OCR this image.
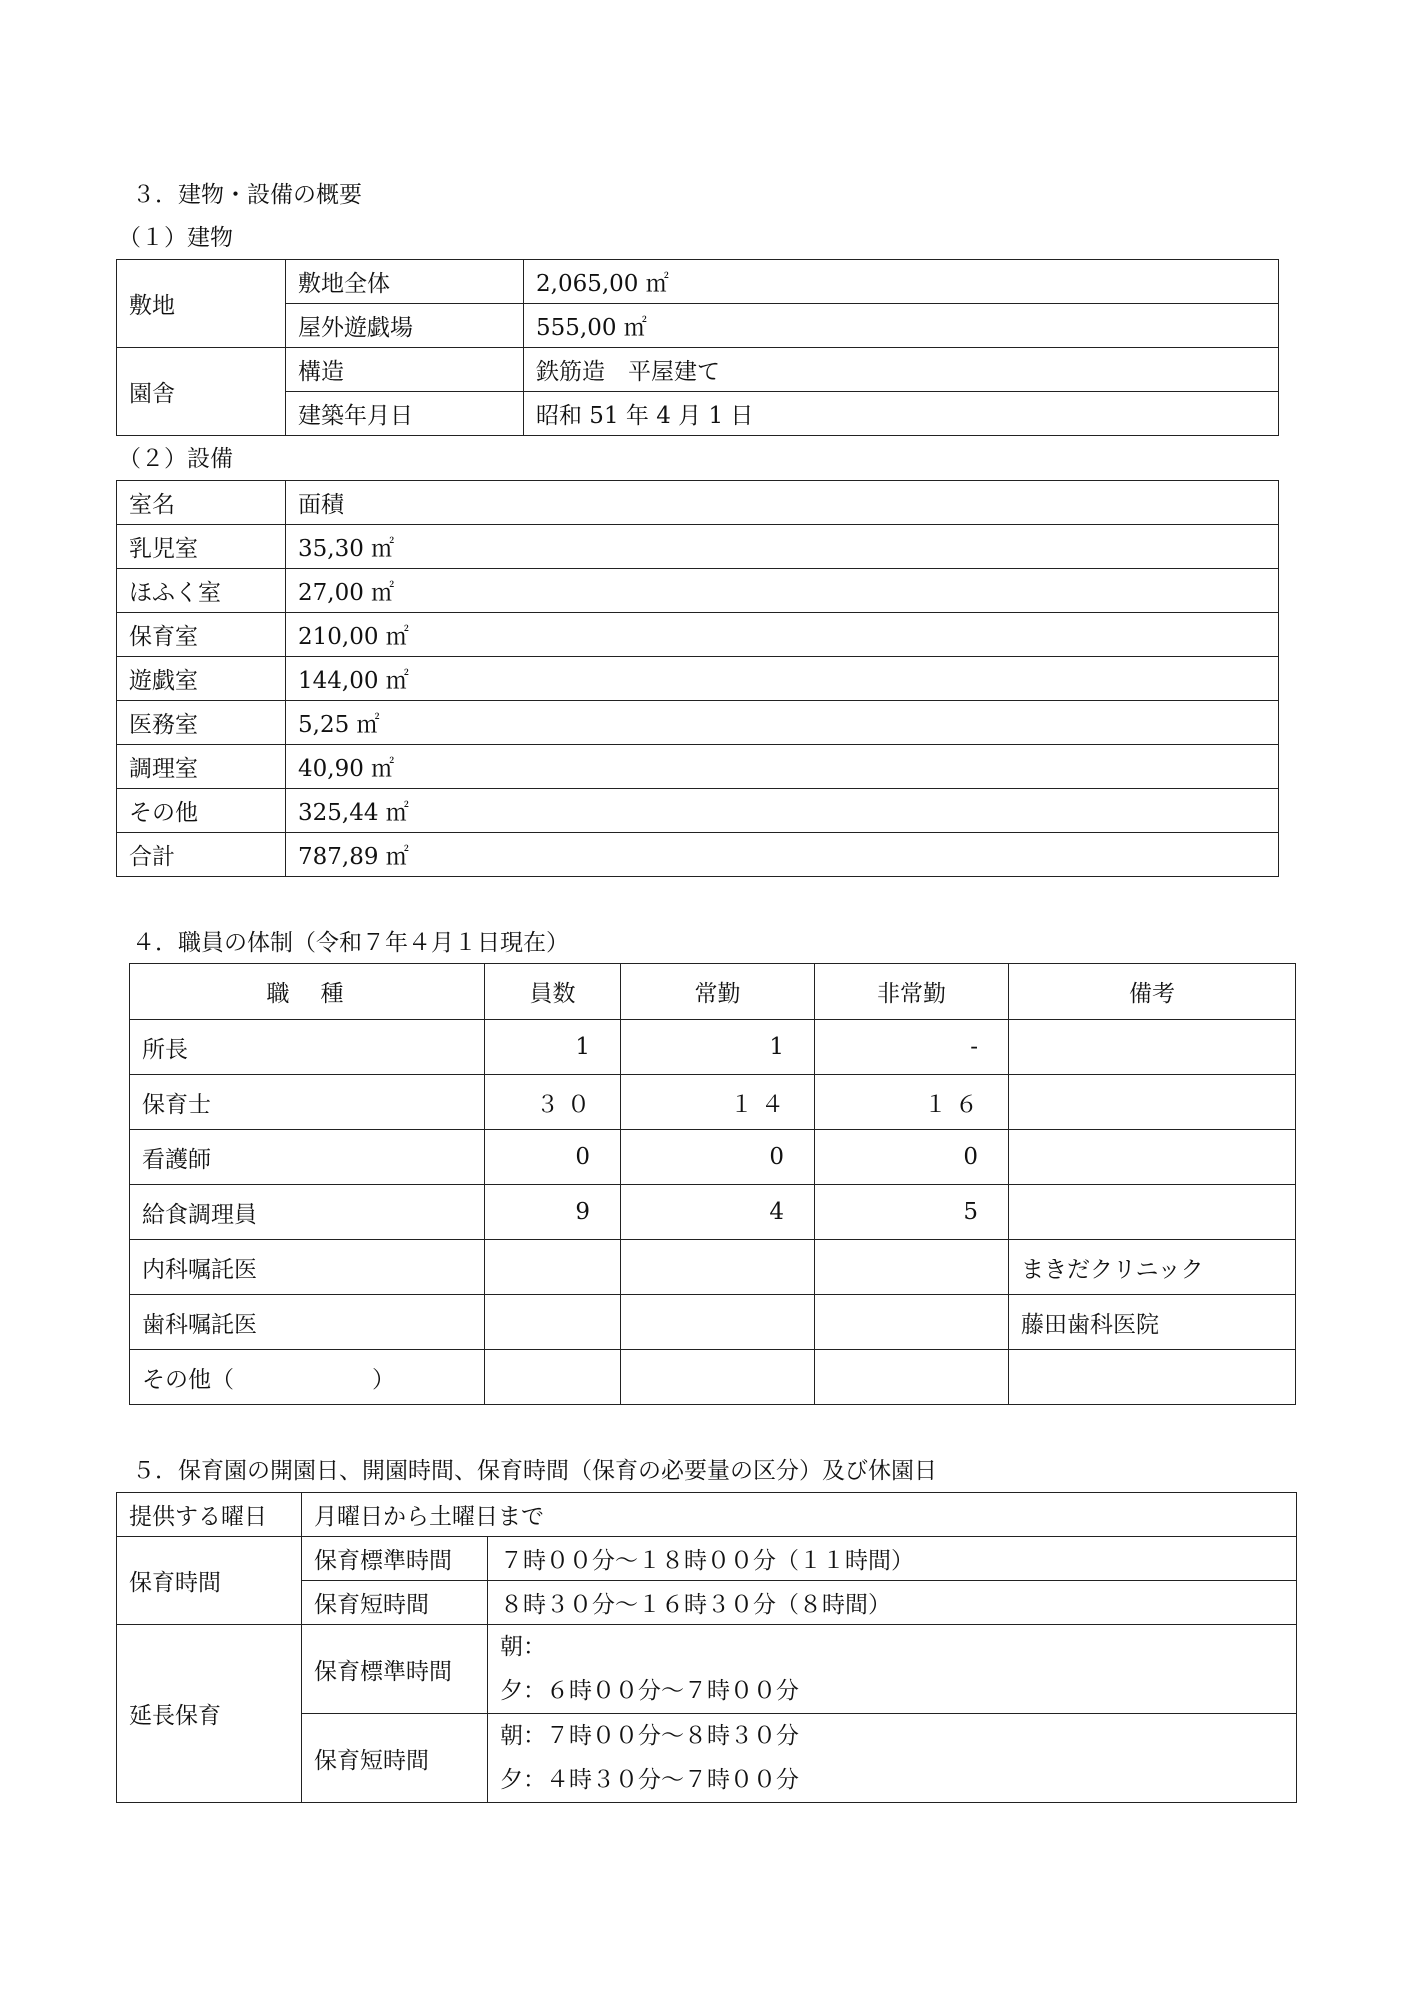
３．建物・設備の概要
（１）建物
敷地	敷地全体	2,065,00 ㎡
	屋外遊戯場	555,00 ㎡
園舎	構造	鉄筋造　平屋建て
	建築年月日	昭和 51 年 4 月 1 日
（２）設備
室名	面積
乳児室	35,30 ㎡
ほふく室	27,00 ㎡
保育室	210,00 ㎡
遊戯室	144,00 ㎡
医務室	5,25 ㎡
調理室	40,90 ㎡
その他	325,44 ㎡
合計	787,89 ㎡
４．職員の体制（令和７年４月１日現在）
職　種	員数	常勤	非常勤	備考
所長	1	1	-	
保育士	３０	１４	１６	
看護師	0	0	0	
給食調理員	9	4	5	
内科嘱託医				まきだクリニック
歯科嘱託医				藤田歯科医院
その他（　　　　　　）				
５．保育園の開園日、開園時間、保育時間（保育の必要量の区分）及び休園日
提供する曜日	月曜日から土曜日まで	
保育時間	保育標準時間	７時００分～１８時００分（１１時間）
	保育短時間	８時３０分～１６時３０分（８時間）
延長保育	保育標準時間	朝：
夕：６時００分～７時００分

	保育短時間	朝：７時００分～８時３０分
夕：４時３０分～７時００分
